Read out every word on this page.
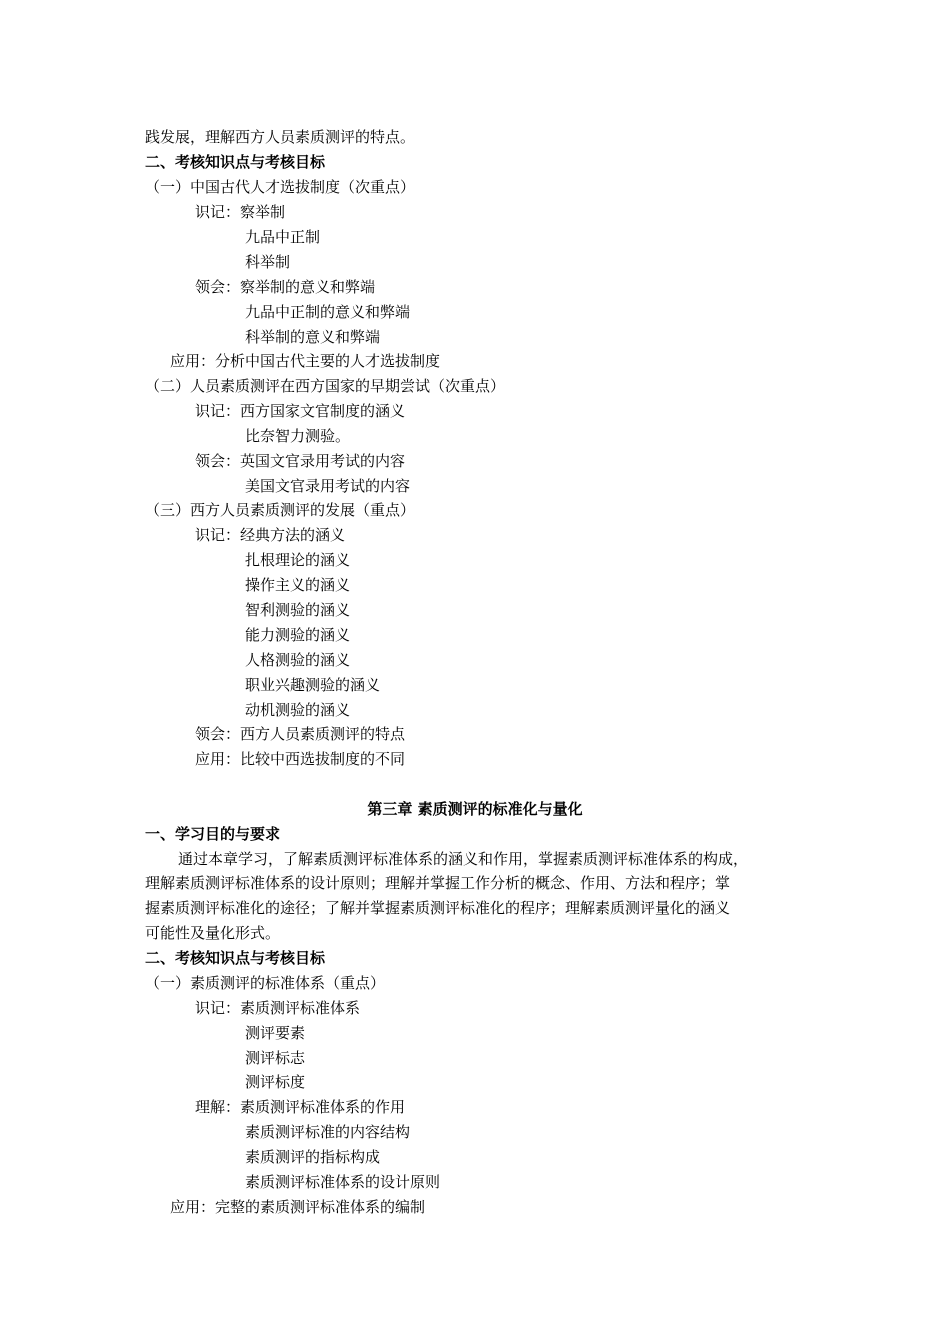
践发展，理解西方人员素质测评的特点。
二、考核知识点与考核目标
（一）中国古代人才选拔制度（次重点）
识记：察举制
九品中正制
科举制
领会：察举制的意义和弊端
九品中正制的意义和弊端
科举制的意义和弊端
应用：分析中国古代主要的人才选拔制度
（二）人员素质测评在西方国家的早期尝试（次重点）
识记：西方国家文官制度的涵义
比奈智力测验。
领会：英国文官录用考试的内容
美国文官录用考试的内容
（三）西方人员素质测评的发展（重点）
识记：经典方法的涵义
扎根理论的涵义
操作主义的涵义
智利测验的涵义
能力测验的涵义
人格测验的涵义
职业兴趣测验的涵义
动机测验的涵义
领会：西方人员素质测评的特点
应用：比较中西选拔制度的不同
第三章 素质测评的标准化与量化
一、学习目的与要求
通过本章学习，了解素质测评标准体系的涵义和作用，掌握素质测评标准体系的构成，
理解素质测评标准体系的设计原则；理解并掌握工作分析的概念、作用、方法和程序；掌
握素质测评标准化的途径；了解并掌握素质测评标准化的程序；理解素质测评量化的涵义
可能性及量化形式。
二、考核知识点与考核目标
（一）素质测评的标准体系（重点）
识记：素质测评标准体系
测评要素
测评标志
测评标度
理解：素质测评标准体系的作用
素质测评标准的内容结构
素质测评的指标构成
素质测评标准体系的设计原则
应用：完整的素质测评标准体系的编制
